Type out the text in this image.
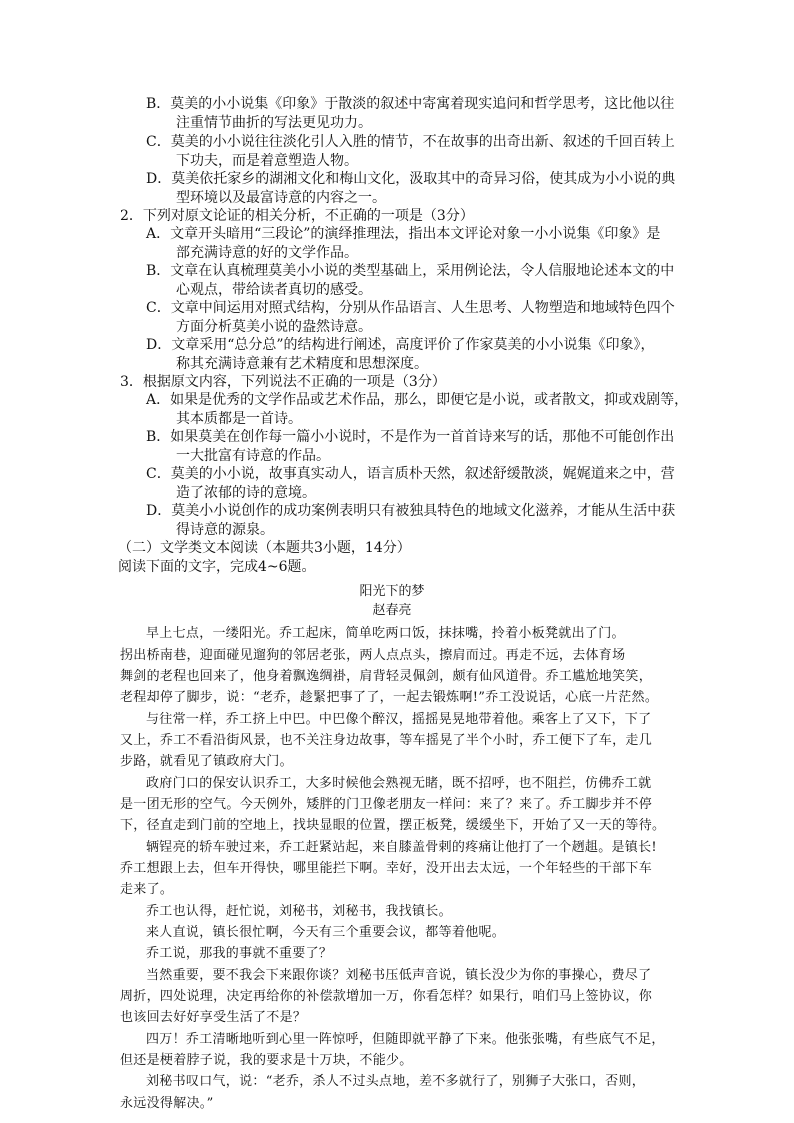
B．莫美的小小说集《印象》于散淡的叙述中寄寓着现实追问和哲学思考，这比他以往
注重情节曲折的写法更见功力。
C．莫美的小小说往往淡化引人入胜的情节，不在故事的出奇出新、叙述的千回百转上
下功夫，而是着意塑造人物。
D．莫美依托家乡的湖湘文化和梅山文化，汲取其中的奇异习俗，使其成为小小说的典
型环境以及最富诗意的内容之一。
2．下列对原文论证的相关分析，不正确的一项是（3分）
A．文章开头暗用“三段论”的演绎推理法，指出本文评论对象一小小说集《印象》是
部充满诗意的好的文学作品。
B．文章在认真梳理莫美小小说的类型基础上，采用例论法，令人信服地论述本文的中
心观点，带给读者真切的感受。
C．文章中间运用对照式结构，分别从作品语言、人生思考、人物塑造和地域特色四个
方面分析莫美小说的盎然诗意。
D．文章采用“总分总”的结构进行阐述，高度评价了作家莫美的小小说集《印象》，
称其充满诗意兼有艺术精度和思想深度。
3．根据原文内容，下列说法不正确的一项是（3分）
A．如果是优秀的文学作品或艺术作品，那么，即便它是小说，或者散文，抑或戏剧等，
其本质都是一首诗。
B．如果莫美在创作每一篇小小说时，不是作为一首首诗来写的话，那他不可能创作出
一大批富有诗意的作品。
C．莫美的小小说，故事真实动人，语言质朴天然，叙述舒缓散淡，娓娓道来之中，营
造了浓郁的诗的意境。
D．莫美小小说创作的成功案例表明只有被独具特色的地域文化滋养，才能从生活中获
得诗意的源泉。
（二）文学类文本阅读（本题共3小题，14分）
阅读下面的文字，完成4~6题。
阳光下的梦
赵春亮
早上七点，一缕阳光。乔工起床，简单吃两口饭，抹抹嘴，拎着小板凳就出了门。
拐出桥南巷，迎面碰见遛狗的邻居老张，两人点点头，擦肩而过。再走不远，去体育场
舞剑的老程也回来了，他身着飘逸绸褂，肩背轻灵佩剑，颇有仙风道骨。乔工尴尬地笑笑，
老程却停了脚步，说：“老乔，趁緊把事了了，一起去锻炼啊!”乔工没说话，心底一片茫然。
与往常一样，乔工挤上中巴。中巴像个醉汉，摇摇晃晃地带着他。乘客上了又下，下了
又上，乔工不看沿街风景，也不关注身边故事，等车摇晃了半个小时，乔工便下了车，走几
步路，就看见了镇政府大门。
政府门口的保安认识乔工，大多时候他会熟视无睹，既不招呼，也不阻拦，仿佛乔工就
是一团无形的空气。今天例外，矮胖的门卫像老朋友一样问：来了？来了。乔工脚步并不停
下，径直走到门前的空地上，找块显眼的位置，摆正板凳，缓缓坐下，开始了又一天的等待。
辆锃亮的轿车驶过来，乔工赶紧站起，来自膝盖骨剌的疼痛让他打了一个趔趄。是镇长!
乔工想跟上去，但车开得快，哪里能拦下啊。幸好，没开出去太远，一个年轻些的干部下车
走来了。
乔工也认得，赶忙说，刘秘书，刘秘书，我找镇长。
来人直说，镇长很忙啊，今天有三个重要会议，都等着他呢。
乔工说，那我的事就不重要了？
当然重要，要不我会下来跟你谈？刘秘书压低声音说，镇长没少为你的事操心，费尽了
周折，四处说理，决定再给你的补偿款增加一万，你看怎样？如果行，咱们马上签协议，你
也该回去好好享受生活了不是？
四万！乔工清晰地听到心里一阵惊呼，但随即就平静了下来。他张张嘴，有些底气不足，
但还是梗着脖子说，我的要求是十万块，不能少。
刘秘书叹口气，说：“老乔，杀人不过头点地，差不多就行了，别狮子大张口，否则，
永远没得解决。”
